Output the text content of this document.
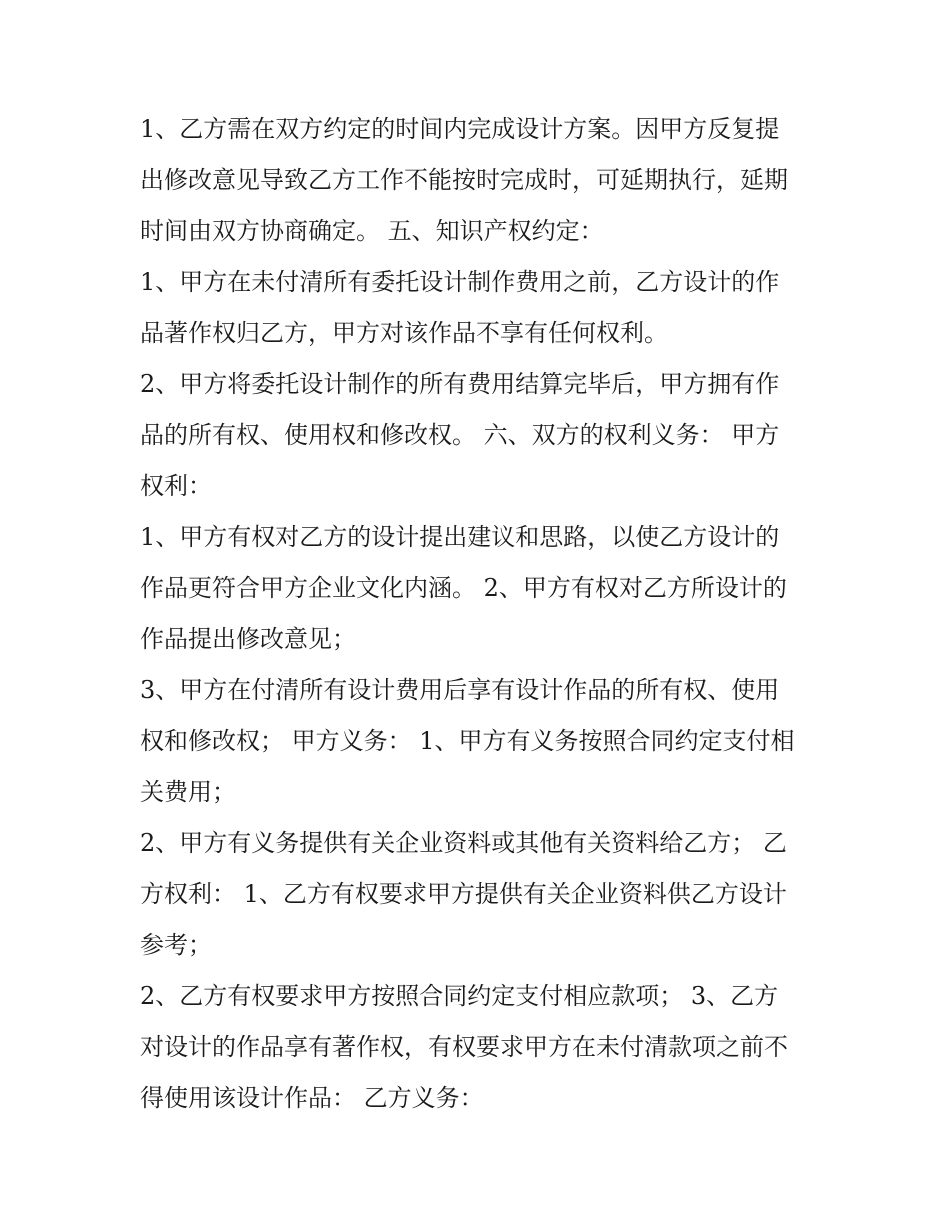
1、乙方需在双方约定的时间内完成设计方案。因甲方反复提
出修改意见导致乙方工作不能按时完成时，可延期执行，延期
时间由双方协商确定。 五、知识产权约定：

1、甲方在未付清所有委托设计制作费用之前，乙方设计的作
品著作权归乙方，甲方对该作品不享有任何权利。

2、甲方将委托设计制作的所有费用结算完毕后，甲方拥有作
品的所有权、使用权和修改权。 六、双方的权利义务： 甲方
权利：

1、甲方有权对乙方的设计提出建议和思路，以使乙方设计的
作品更符合甲方企业文化内涵。 2、甲方有权对乙方所设计的
作品提出修改意见；

3、甲方在付清所有设计费用后享有设计作品的所有权、使用
权和修改权； 甲方义务： 1、甲方有义务按照合同约定支付相
关费用；

2、甲方有义务提供有关企业资料或其他有关资料给乙方； 乙
方权利： 1、乙方有权要求甲方提供有关企业资料供乙方设计
参考；

2、乙方有权要求甲方按照合同约定支付相应款项； 3、乙方
对设计的作品享有著作权，有权要求甲方在未付清款项之前不
得使用该设计作品： 乙方义务：
